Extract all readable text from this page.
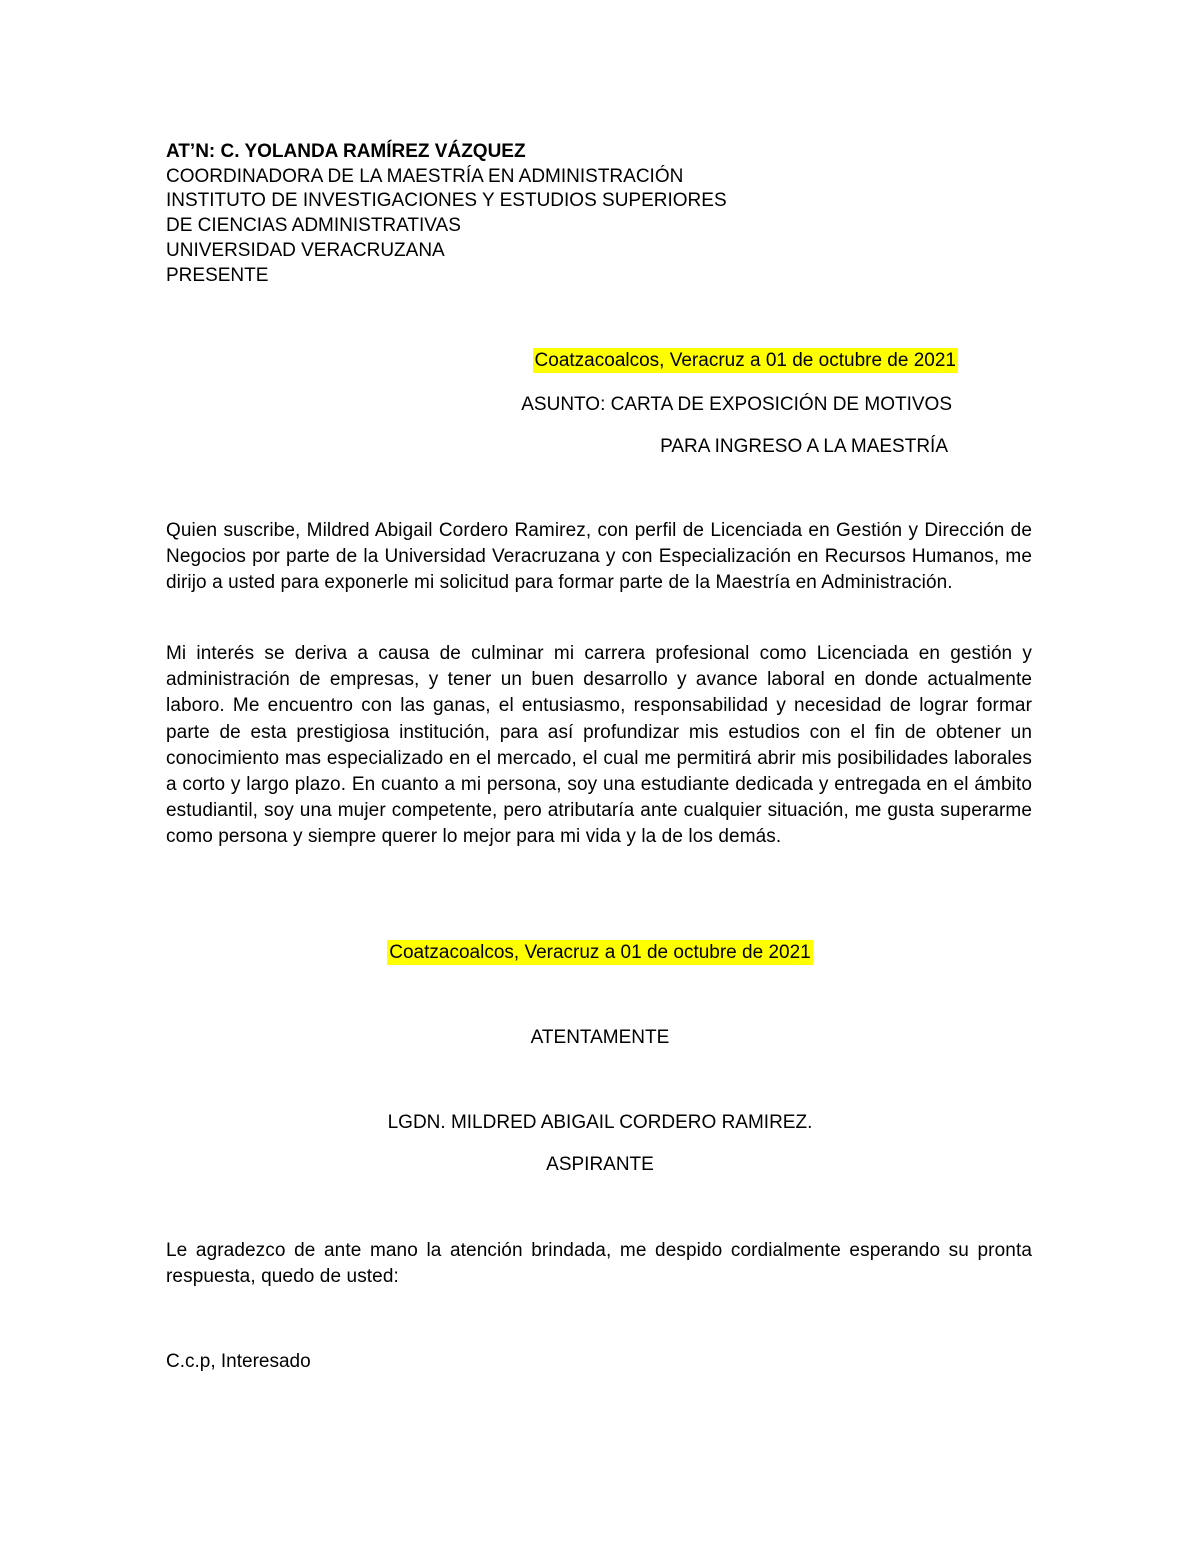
AT’N: C. YOLANDA RAMÍREZ VÁZQUEZ
COORDINADORA DE LA MAESTRÍA EN ADMINISTRACIÓN
INSTITUTO DE INVESTIGACIONES Y ESTUDIOS SUPERIORES
DE CIENCIAS ADMINISTRATIVAS
UNIVERSIDAD VERACRUZANA
PRESENTE
Coatzacoalcos, Veracruz a 01 de octubre de 2021
ASUNTO: CARTA DE EXPOSICIÓN DE MOTIVOS
PARA INGRESO A LA MAESTRÍA
Quien suscribe, Mildred Abigail Cordero Ramirez, con perfil de Licenciada en Gestión y Dirección de Negocios por parte de la Universidad Veracruzana y con Especialización en Recursos Humanos, me dirijo a usted para exponerle mi solicitud para formar parte de la Maestría en Administración.
Mi interés se deriva a causa de culminar mi carrera profesional como Licenciada en gestión y administración de empresas, y tener un buen desarrollo y avance laboral en donde actualmente laboro. Me encuentro con las ganas, el entusiasmo, responsabilidad y necesidad de lograr formar parte de esta prestigiosa institución, para así profundizar mis estudios con el fin de obtener un conocimiento mas especializado en el mercado, el cual me permitirá abrir mis posibilidades laborales a corto y largo plazo. En cuanto a mi persona, soy una estudiante dedicada y entregada en el ámbito estudiantil, soy una mujer competente, pero atributaría ante cualquier situación, me gusta superarme como persona y siempre querer lo mejor para mi vida y la de los demás.
Coatzacoalcos, Veracruz a 01 de octubre de 2021
ATENTAMENTE
LGDN. MILDRED ABIGAIL CORDERO RAMIREZ.
ASPIRANTE
Le agradezco de ante mano la atención brindada, me despido cordialmente esperando su pronta respuesta, quedo de usted:
C.c.p, Interesado
